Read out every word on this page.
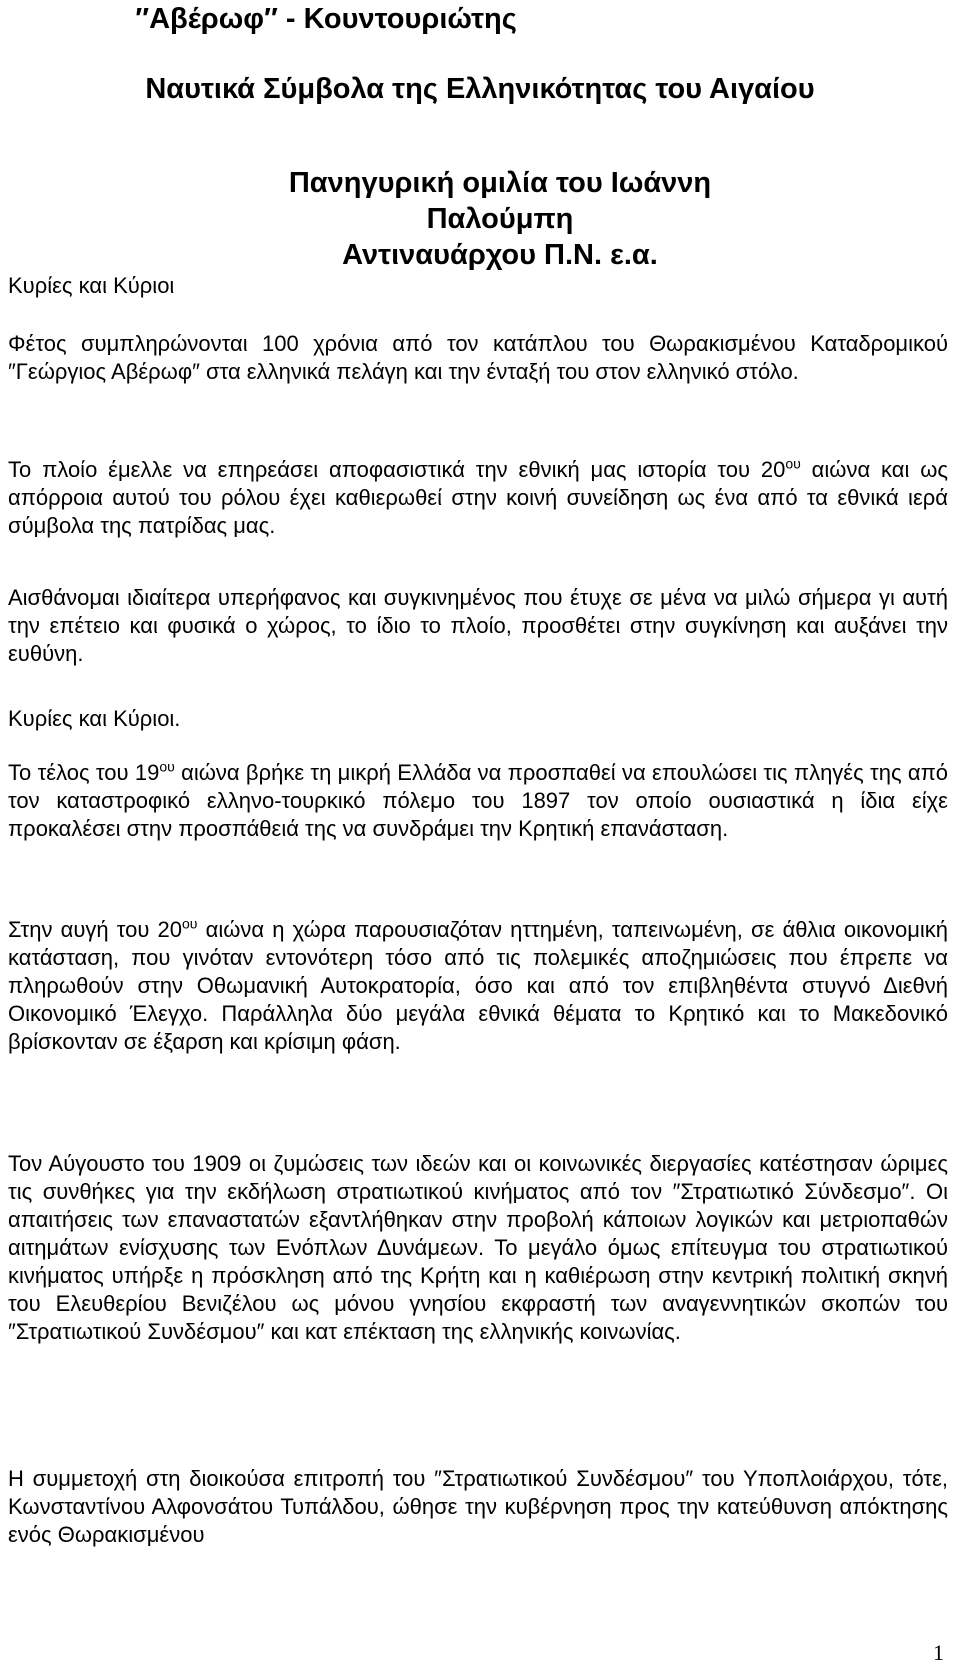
″Αβέρωφ″ - Κουντουριώτης
Ναυτικά Σύμβολα της Ελληνικότητας του Αιγαίου
Πανηγυρική ομιλία του Ιωάννη Παλούμπη
Αντιναυάρχου Π.Ν. ε.α.
Κυρίες και Κύριοι

Φέτος συμπληρώνονται 100 χρόνια από τον κατάπλου του Θωρακισμένου Καταδρομικού ″Γεώργιος Αβέρωφ″ στα ελληνικά πελάγη και την ένταξή του στον ελληνικό στόλο.

Το πλοίο έμελλε να επηρεάσει αποφασιστικά την εθνική μας ιστορία του $20^{o\upsilon}$ αιώνα και ως απόρροια αυτού του ρόλου έχει καθιερωθεί στην κοινή συνείδηση ως ένα από τα εθνικά ιερά σύμβολα της πατρίδας μας.

Αισθάνομαι ιδιαίτερα υπερήφανος και συγκινημένος που έτυχε σε μένα να μιλώ σήμερα γι αυτή την επέτειο και φυσικά ο χώρος, το ίδιο το πλοίο, προσθέτει στην συγκίνηση και αυξάνει την ευθύνη.

Κυρίες και Κύριοι.

Το τέλος του $19^{o\upsilon}$ αιώνα βρήκε τη μικρή Ελλάδα να προσπαθεί να επουλώσει τις πληγές της από τον καταστροφικό ελληνο-τουρκικό πόλεμο του 1897 τον οποίο ουσιαστικά η ίδια είχε προκαλέσει στην προσπάθειά της να συνδράμει την Κρητική επανάσταση.

Στην αυγή του $20^{o\upsilon}$ αιώνα η χώρα παρουσιαζόταν ηττημένη, ταπεινωμένη, σε άθλια οικονομική κατάσταση, που γινόταν εντονότερη τόσο από τις πολεμικές αποζημιώσεις που έπρεπε να πληρωθούν στην Οθωμανική Αυτοκρατορία, όσο και από τον επιβληθέντα στυγνό Διεθνή Οικονομικό Έλεγχο. Παράλληλα δύο μεγάλα εθνικά θέματα το Κρητικό και το Μακεδονικό βρίσκονταν σε έξαρση και κρίσιμη φάση.

Τον Αύγουστο του 1909 οι ζυμώσεις των ιδεών και οι κοινωνικές διεργασίες κατέστησαν ώριμες τις συνθήκες για την εκδήλωση στρατιωτικού κινήματος από τον ″Στρατιωτικό Σύνδεσμο″. Οι απαιτήσεις των επαναστατών εξαντλήθηκαν στην προβολή κάποιων λογικών και μετριοπαθών αιτημάτων ενίσχυσης των Ενόπλων Δυνάμεων. Το μεγάλο όμως επίτευγμα του στρατιωτικού κινήματος υπήρξε η πρόσκληση από της Κρήτη και η καθιέρωση στην κεντρική πολιτική σκηνή του Ελευθερίου Βενιζέλου ως μόνου γνησίου εκφραστή των αναγεννητικών σκοπών του ″Στρατιωτικού Συνδέσμου″ και κατ επέκταση της ελληνικής κοινωνίας.

Η συμμετοχή στη διοικούσα επιτροπή του ″Στρατιωτικού Συνδέσμου″ του Υποπλοιάρχου, τότε, Κωνσταντίνου Αλφονσάτου Τυπάλδου, ώθησε την κυβέρνηση προς την κατεύθυνση απόκτησης ενός Θωρακισμένου

1
